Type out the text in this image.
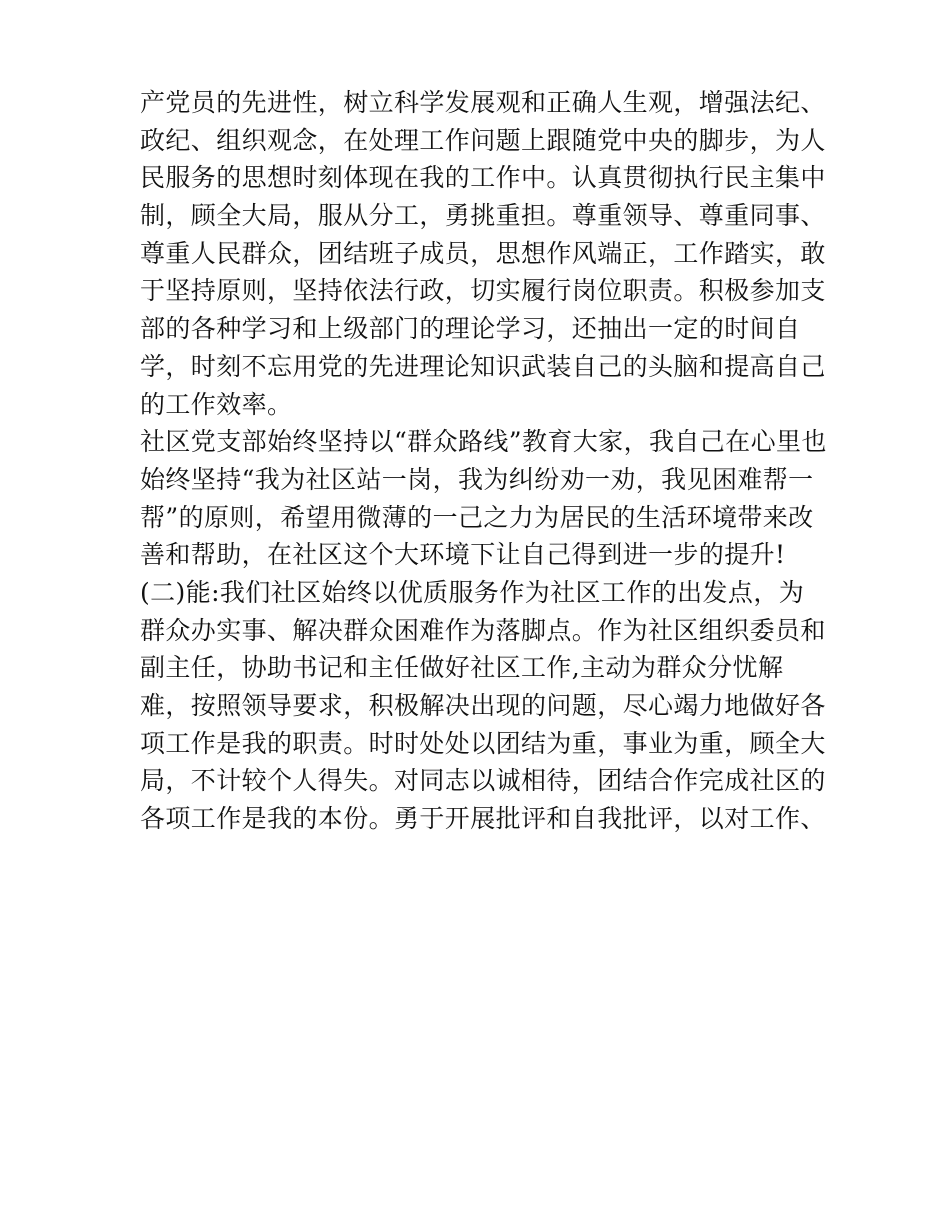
产党员的先进性，树立科学发展观和正确人生观，增强法纪、
政纪、组织观念，在处理工作问题上跟随党中央的脚步，为人
民服务的思想时刻体现在我的工作中。认真贯彻执行民主集中
制，顾全大局，服从分工，勇挑重担。尊重领导、尊重同事、
尊重人民群众，团结班子成员，思想作风端正，工作踏实，敢
于坚持原则，坚持依法行政，切实履行岗位职责。积极参加支
部的各种学习和上级部门的理论学习，还抽出一定的时间自
学，时刻不忘用党的先进理论知识武装自己的头脑和提高自己
的工作效率。
社区党支部始终坚持以“群众路线”教育大家，我自己在心里也
始终坚持“我为社区站一岗，我为纠纷劝一劝，我见困难帮一
帮”的原则，希望用微薄的一己之力为居民的生活环境带来改
善和帮助，在社区这个大环境下让自己得到进一步的提升!
(二)能:我们社区始终以优质服务作为社区工作的出发点，为
群众办实事、解决群众困难作为落脚点。作为社区组织委员和
副主任，协助书记和主任做好社区工作,主动为群众分忧解
难，按照领导要求，积极解决出现的问题，尽心竭力地做好各
项工作是我的职责。时时处处以团结为重，事业为重，顾全大
局，不计较个人得失。对同志以诚相待，团结合作完成社区的
各项工作是我的本份。勇于开展批评和自我批评，以对工作、
